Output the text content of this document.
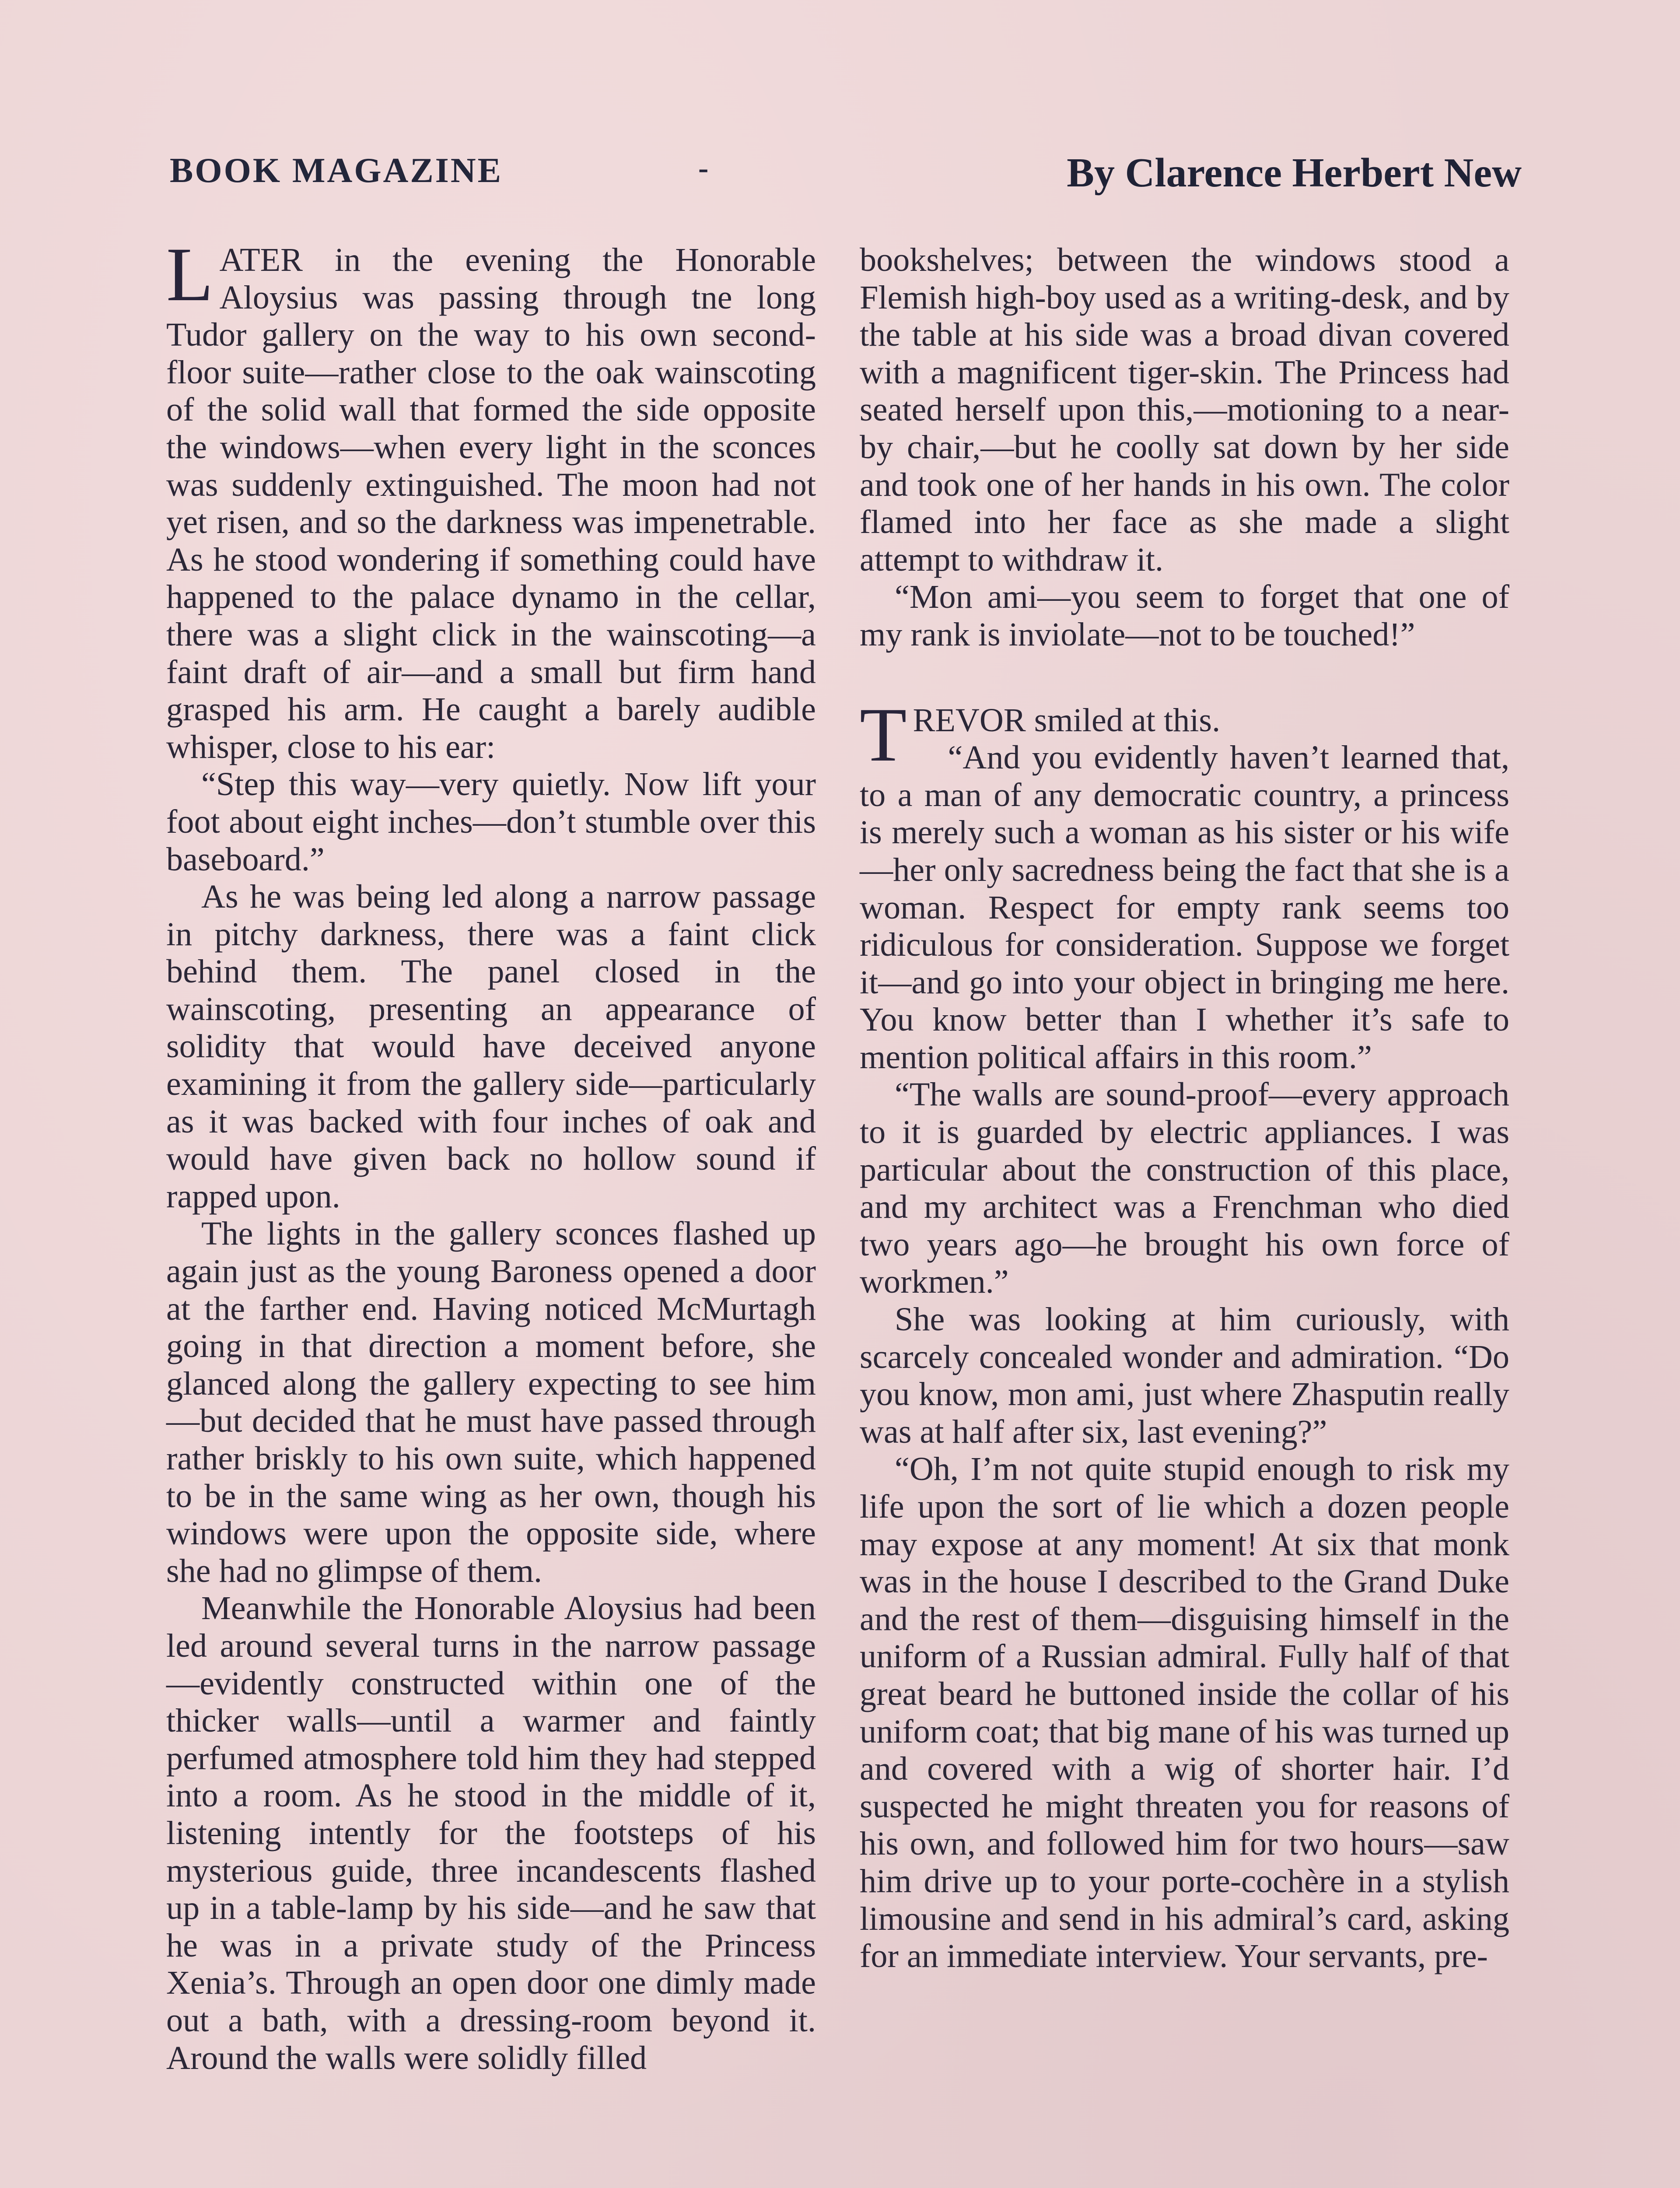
BOOK MAGAZINE	-	By Clarence Herbert New

LATER in the evening the Honorable Aloysius was passing through tne long Tudor gallery on the way to his own second-floor suite—rather close to the oak wainscoting of the solid wall that formed the side opposite the windows—when every light in the sconces was suddenly extinguished. The moon had not yet risen, and so the darkness was impenetrable. As he stood wondering if something could have happened to the palace dynamo in the cellar, there was a slight click in the wainscoting—a faint draft of air—and a small but firm hand grasped his arm. He caught a barely audible whisper, close to his ear:

“Step this way—very quietly. Now lift your foot about eight inches—don’t stumble over this baseboard.”

As he was being led along a narrow passage in pitchy darkness, there was a faint click behind them. The panel closed in the wainscoting, presenting an appearance of solidity that would have deceived anyone examining it from the gallery side—particularly as it was backed with four inches of oak and would have given back no hollow sound if rapped upon.

The lights in the gallery sconces flashed up again just as the young Baroness opened a door at the farther end. Having noticed McMurtagh going in that direction a moment before, she glanced along the gallery expecting to see him—but decided that he must have passed through rather briskly to his own suite, which happened to be in the same wing as her own, though his windows were upon the opposite side, where she had no glimpse of them.

Meanwhile the Honorable Aloysius had been led around several turns in the narrow passage—evidently constructed within one of the thicker walls—until a warmer and faintly perfumed atmosphere told him they had stepped into a room. As he stood in the middle of it, listening intently for the footsteps of his mysterious guide, three incandescents flashed up in a table-lamp by his side—and he saw that he was in a private study of the Princess Xenia’s. Through an open door one dimly made out a bath, with a dressing-room beyond it. Around the walls were solidly filled

bookshelves; between the windows stood a Flemish high-boy used as a writing-desk, and by the table at his side was a broad divan covered with a magnificent tiger-skin. The Princess had seated herself upon this,—motioning to a near-by chair,—but he coolly sat down by her side and took one of her hands in his own. The color flamed into her face as she made a slight attempt to withdraw it.

“Mon ami—you seem to forget that one of my rank is inviolate—not to be touched!”

TREVOR smiled at this.
“And you evidently haven’t learned that, to a man of any democratic country, a princess is merely such a woman as his sister or his wife—her only sacredness being the fact that she is a woman. Respect for empty rank seems too ridiculous for consideration. Suppose we forget it—and go into your object in bringing me here. You know better than I whether it’s safe to mention political affairs in this room.”

“The walls are sound-proof—every approach to it is guarded by electric appliances. I was particular about the construction of this place, and my architect was a Frenchman who died two years ago—he brought his own force of workmen.”

She was looking at him curiously, with scarcely concealed wonder and admiration. “Do you know, mon ami, just where Zhasputin really was at half after six, last evening?”

“Oh, I’m not quite stupid enough to risk my life upon the sort of lie which a dozen people may expose at any moment! At six that monk was in the house I described to the Grand Duke and the rest of them—disguising himself in the uniform of a Russian admiral. Fully half of that great beard he buttoned inside the collar of his uniform coat; that big mane of his was turned up and covered with a wig of shorter hair. I’d suspected he might threaten you for reasons of his own, and followed him for two hours—saw him drive up to your porte-cochère in a stylish limousine and send in his admiral’s card, asking for an immediate interview. Your servants, pre-
